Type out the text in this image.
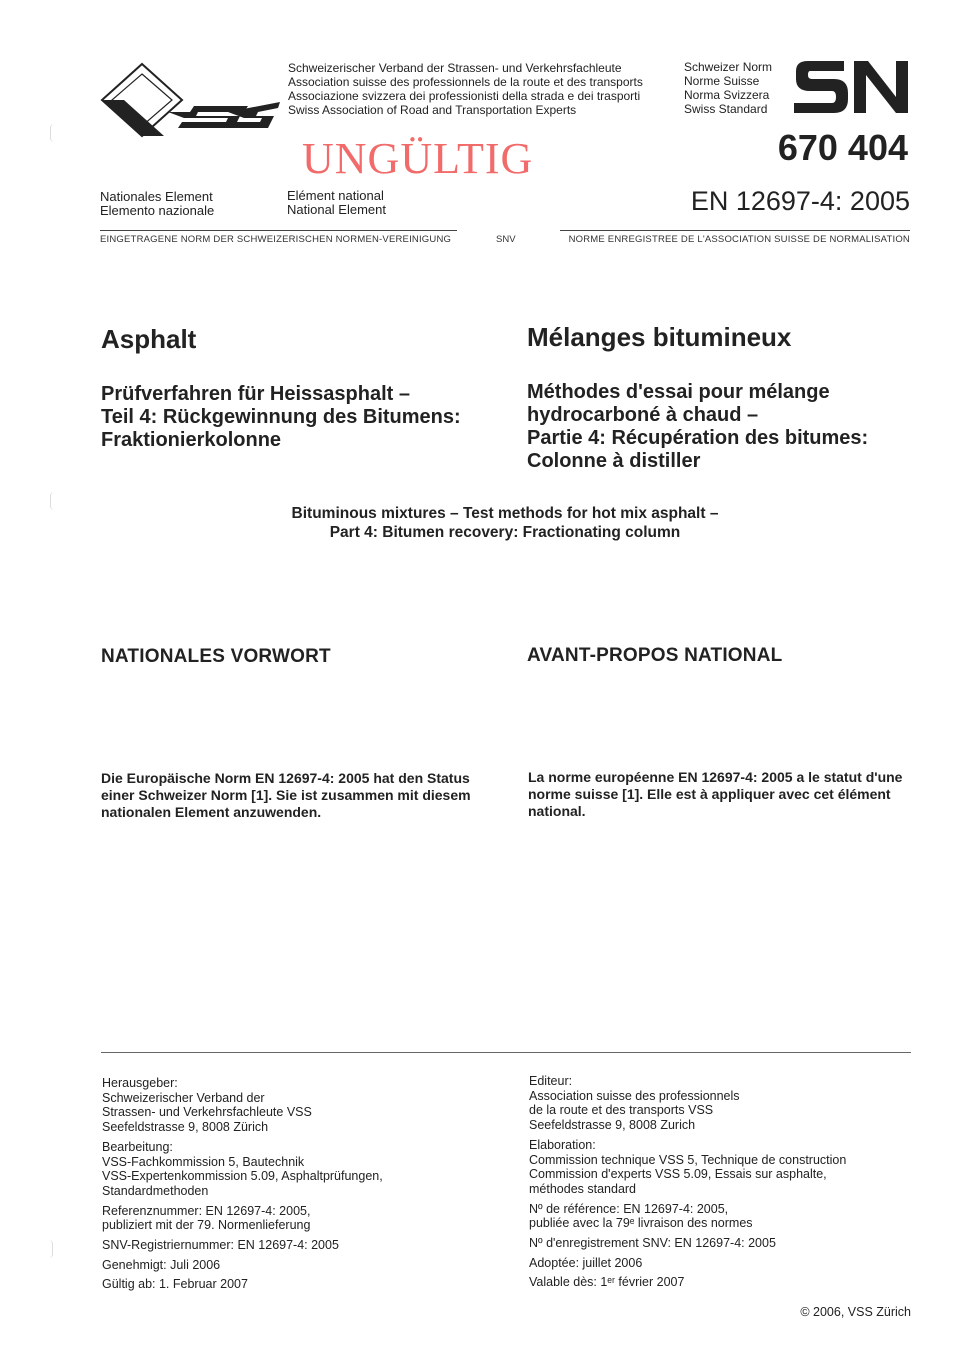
Schweizerischer Verband der Strassen- und Verkehrsfachleute
Association suisse des professionnels de la route et des transports
Associazione svizzera dei professionisti della strada e dei trasporti
Swiss Association of Road and Transportation Experts
Schweizer Norm
Norme Suisse
Norma Svizzera
Swiss Standard
UNGÜLTIG	670 404
Nationales Element
Elemento nazionale
Elément national
National Element	EN 12697-4: 2005
EINGETRAGENE NORM DER SCHWEIZERISCHEN NORMEN-VEREINIGUNG	SNV	NORME ENREGISTREE DE L'ASSOCIATION SUISSE DE NORMALISATION
Asphalt	Mélanges bitumineux
Prüfverfahren für Heissasphalt –
Teil 4: Rückgewinnung des Bitumens:
Fraktionierkolonne
Méthodes d'essai pour mélange
hydrocarboné à chaud –
Partie 4: Récupération des bitumes:
Colonne à distiller
Bituminous mixtures – Test methods for hot mix asphalt –
Part 4: Bitumen recovery: Fractionating column
NATIONALES VORWORT	AVANT-PROPOS NATIONAL
Die Europäische Norm EN 12697-4: 2005 hat den Status
einer Schweizer Norm [1]. Sie ist zusammen mit diesem
nationalen Element anzuwenden.
La norme européenne EN 12697-4: 2005 a le statut d'une
norme suisse [1]. Elle est à appliquer avec cet élément
national.
Herausgeber:
Schweizerischer Verband der
Strassen- und Verkehrsfachleute VSS
Seefeldstrasse 9, 8008 Zürich
Bearbeitung:
VSS-Fachkommission 5, Bautechnik
VSS-Expertenkommission 5.09, Asphaltprüfungen,
Standardmethoden
Referenznummer: EN 12697-4: 2005,
publiziert mit der 79. Normenlieferung
SNV-Registriernummer: EN 12697-4: 2005
Genehmigt: Juli 2006
Gültig ab: 1. Februar 2007
Editeur:
Association suisse des professionnels
de la route et des transports VSS
Seefeldstrasse 9, 8008 Zurich
Elaboration:
Commission technique VSS 5, Technique de construction
Commission d'experts VSS 5.09, Essais sur asphalte,
méthodes standard
Nº de référence: EN 12697-4: 2005,
publiée avec la 79ᵉ livraison des normes
Nº d'enregistrement SNV: EN 12697-4: 2005
Adoptée: juillet 2006
Valable dès: 1ᵉʳ février 2007
© 2006, VSS Zürich
